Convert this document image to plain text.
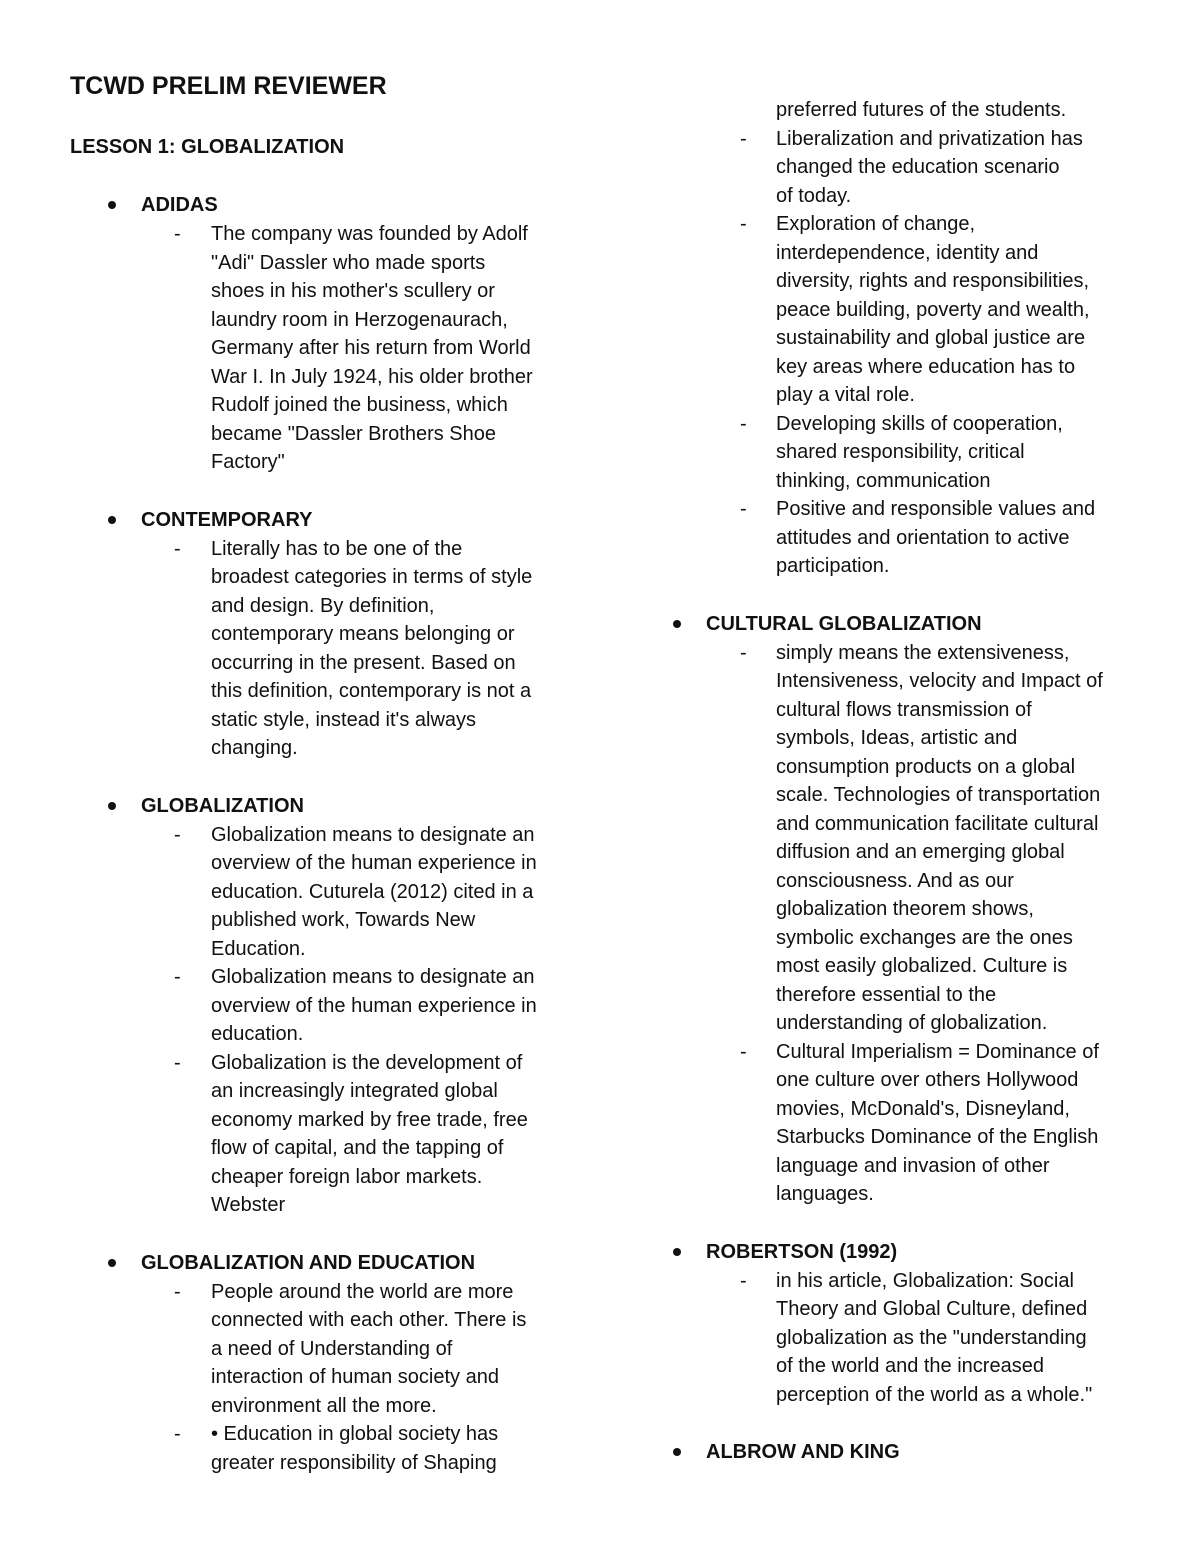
TCWD PRELIM REVIEWER
LESSON 1: GLOBALIZATION
ADIDAS
- The company was founded by Adolf
"Adi" Dassler who made sports
shoes in his mother's scullery or
laundry room in Herzogenaurach,
Germany after his return from World
War I. In July 1924, his older brother
Rudolf joined the business, which
became "Dassler Brothers Shoe
Factory"
CONTEMPORARY
- Literally has to be one of the
broadest categories in terms of style
and design. By definition,
contemporary means belonging or
occurring in the present. Based on
this definition, contemporary is not a
static style, instead it's always
changing.
GLOBALIZATION
- Globalization means to designate an
overview of the human experience in
education. Cuturela (2012) cited in a
published work, Towards New
Education.
- Globalization means to designate an
overview of the human experience in
education.
- Globalization is the development of
an increasingly integrated global
economy marked by free trade, free
flow of capital, and the tapping of
cheaper foreign labor markets.
Webster
GLOBALIZATION AND EDUCATION
- People around the world are more
connected with each other. There is
a need of Understanding of
interaction of human society and
environment all the more.
- • Education in global society has
greater responsibility of Shaping
preferred futures of the students.
- Liberalization and privatization has
changed the education scenario
of today.
- Exploration of change,
interdependence, identity and
diversity, rights and responsibilities,
peace building, poverty and wealth,
sustainability and global justice are
key areas where education has to
play a vital role.
- Developing skills of cooperation,
shared responsibility, critical
thinking, communication
- Positive and responsible values and
attitudes and orientation to active
participation.
CULTURAL GLOBALIZATION
- simply means the extensiveness,
Intensiveness, velocity and Impact of
cultural flows transmission of
symbols, Ideas, artistic and
consumption products on a global
scale. Technologies of transportation
and communication facilitate cultural
diffusion and an emerging global
consciousness. And as our
globalization theorem shows,
symbolic exchanges are the ones
most easily globalized. Culture is
therefore essential to the
understanding of globalization.
- Cultural Imperialism = Dominance of
one culture over others Hollywood
movies, McDonald's, Disneyland,
Starbucks Dominance of the English
language and invasion of other
languages.
ROBERTSON (1992)
- in his article, Globalization: Social
Theory and Global Culture, defined
globalization as the "understanding
of the world and the increased
perception of the world as a whole."
ALBROW AND KING
